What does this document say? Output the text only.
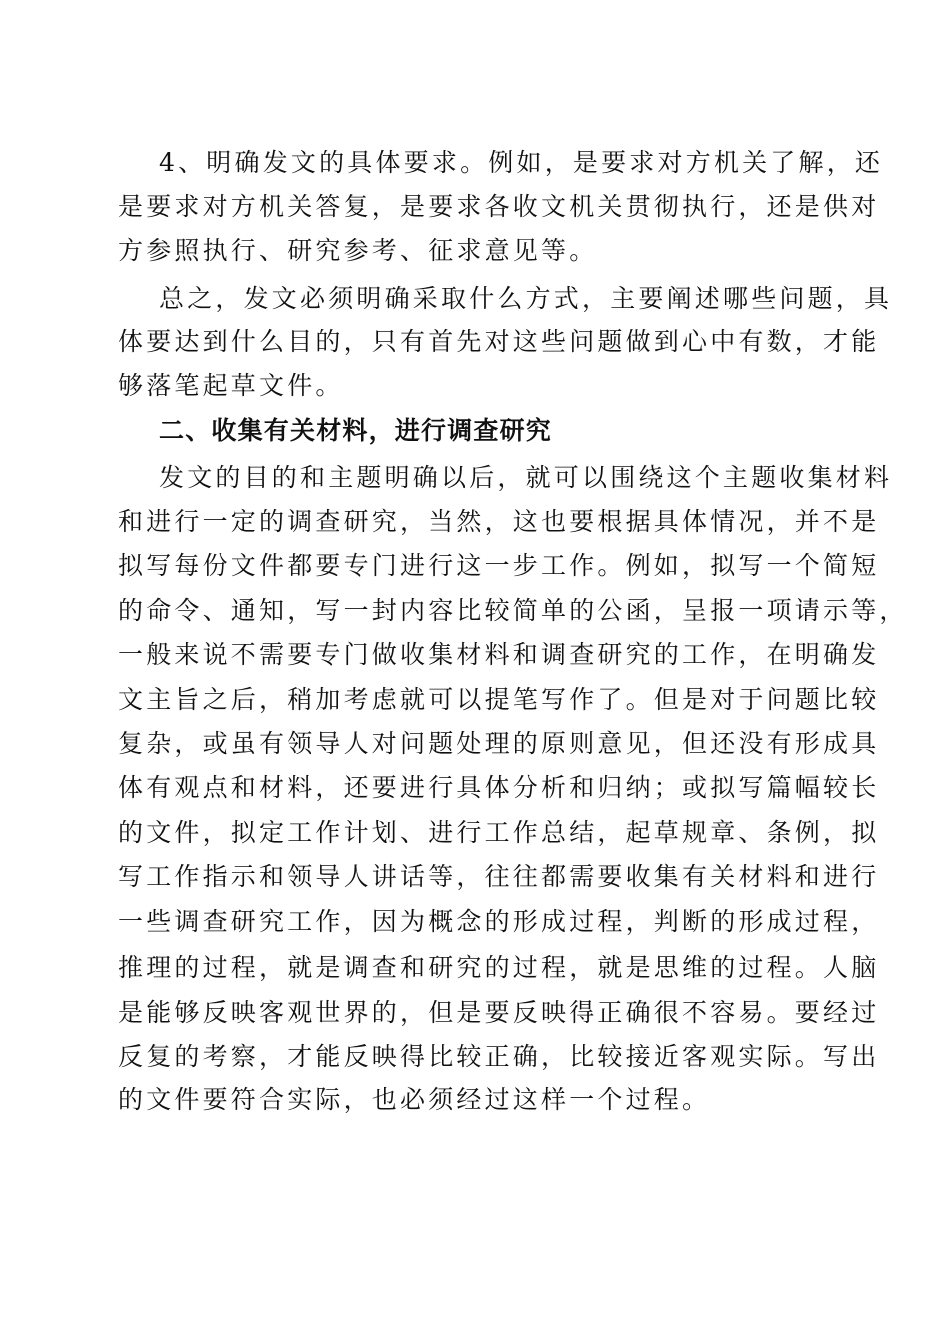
4、明确发文的具体要求。例如，是要求对方机关了解，还
是要求对方机关答复，是要求各收文机关贯彻执行，还是供对
方参照执行、研究参考、征求意见等。
总之，发文必须明确采取什么方式，主要阐述哪些问题，具
体要达到什么目的，只有首先对这些问题做到心中有数，才能
够落笔起草文件。
二、收集有关材料，进行调查研究
发文的目的和主题明确以后，就可以围绕这个主题收集材料
和进行一定的调查研究，当然，这也要根据具体情况，并不是
拟写每份文件都要专门进行这一步工作。例如，拟写一个简短
的命令、通知，写一封内容比较简单的公函，呈报一项请示等，
一般来说不需要专门做收集材料和调查研究的工作，在明确发
文主旨之后，稍加考虑就可以提笔写作了。但是对于问题比较
复杂，或虽有领导人对问题处理的原则意见，但还没有形成具
体有观点和材料，还要进行具体分析和归纳；或拟写篇幅较长
的文件，拟定工作计划、进行工作总结，起草规章、条例，拟
写工作指示和领导人讲话等，往往都需要收集有关材料和进行
一些调查研究工作，因为概念的形成过程，判断的形成过程，
推理的过程，就是调查和研究的过程，就是思维的过程。人脑
是能够反映客观世界的，但是要反映得正确很不容易。要经过
反复的考察，才能反映得比较正确，比较接近客观实际。写出
的文件要符合实际，也必须经过这样一个过程。
